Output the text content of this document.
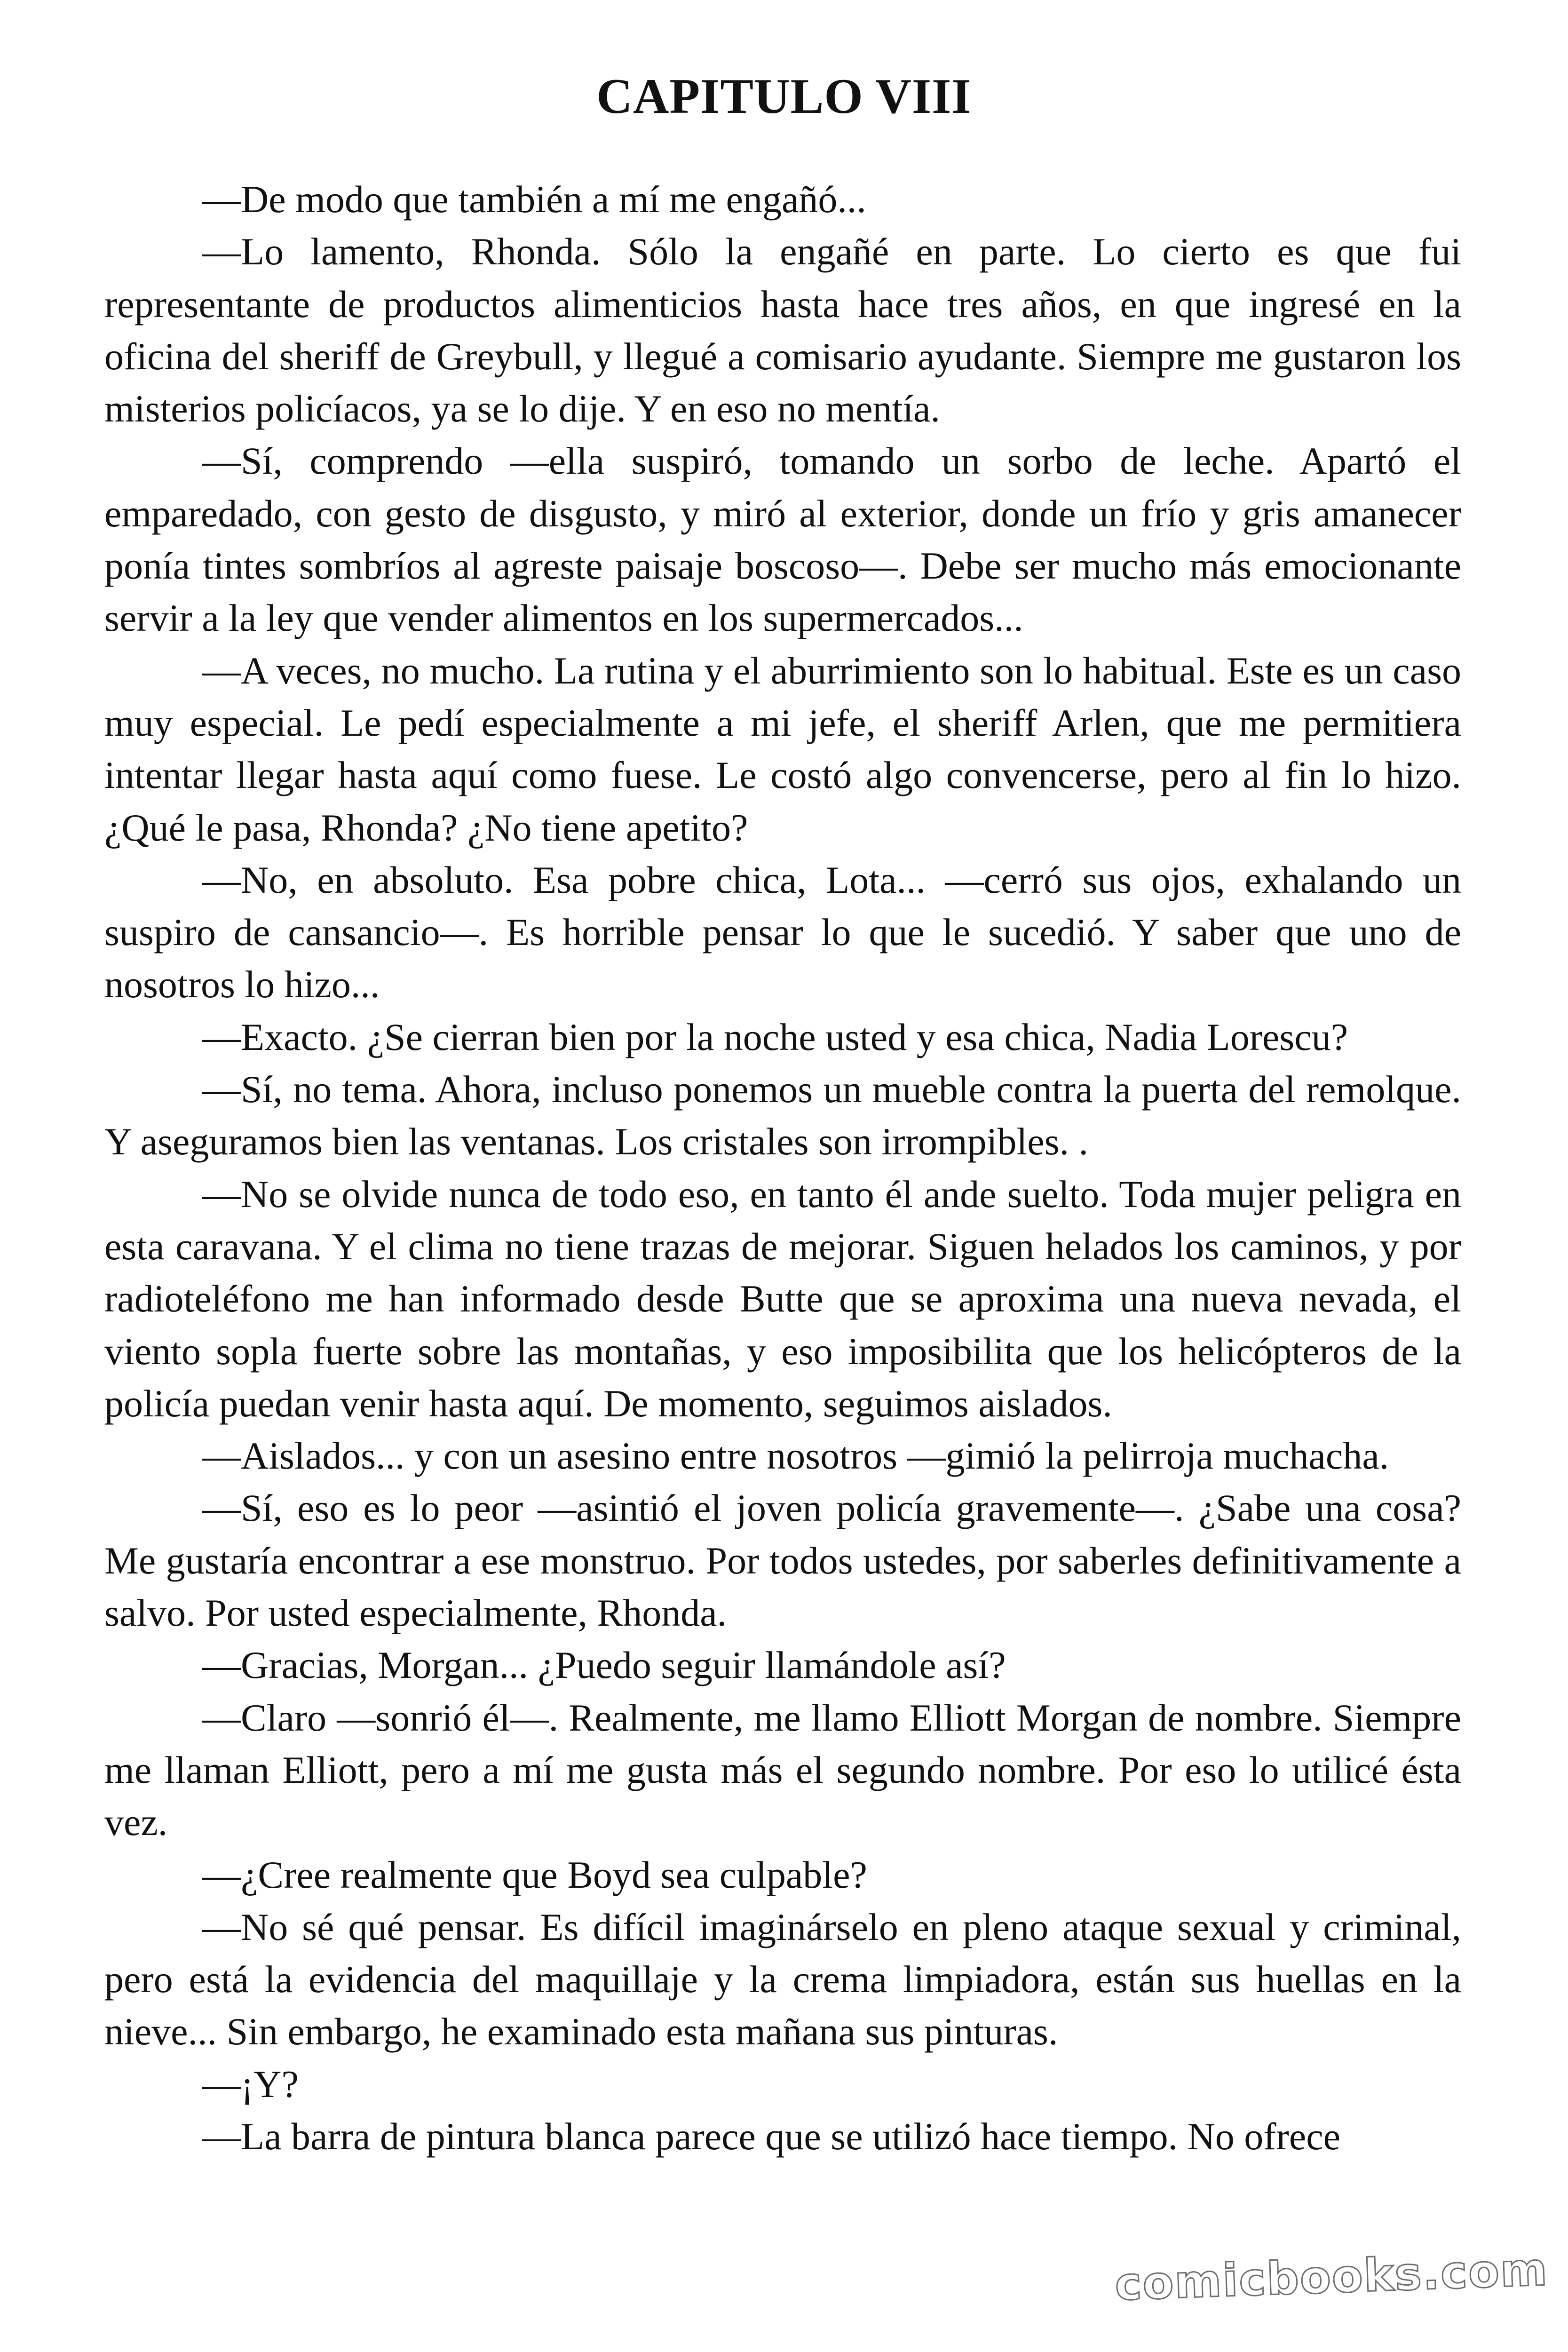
CAPITULO VIII

—De modo que también a mí me engañó...

—Lo lamento, Rhonda. Sólo la engañé en parte. Lo cierto es que fui representante de productos alimenticios hasta hace tres años, en que ingresé en la oficina del sheriff de Greybull, y llegué a comisario ayudante. Siempre me gustaron los misterios policíacos, ya se lo dije. Y en eso no mentía.

—Sí, comprendo —ella suspiró, tomando un sorbo de leche. Apartó el emparedado, con gesto de disgusto, y miró al exterior, donde un frío y gris amanecer ponía tintes sombríos al agreste paisaje boscoso—. Debe ser mucho más emocionante servir a la ley que vender alimentos en los supermercados...

—A veces, no mucho. La rutina y el aburrimiento son lo habitual. Este es un caso muy especial. Le pedí especialmente a mi jefe, el sheriff Arlen, que me permitiera intentar llegar hasta aquí como fuese. Le costó algo convencerse, pero al fin lo hizo. ¿Qué le pasa, Rhonda? ¿No tiene apetito?

—No, en absoluto. Esa pobre chica, Lota... —cerró sus ojos, exhalando un suspiro de cansancio—. Es horrible pensar lo que le sucedió. Y saber que uno de nosotros lo hizo...

—Exacto. ¿Se cierran bien por la noche usted y esa chica, Nadia Lorescu?

—Sí, no tema. Ahora, incluso ponemos un mueble contra la puerta del remolque. Y aseguramos bien las ventanas. Los cristales son irrompibles. .

—No se olvide nunca de todo eso, en tanto él ande suelto. Toda mujer peligra en esta caravana. Y el clima no tiene trazas de mejorar. Siguen helados los caminos, y por radioteléfono me han informado desde Butte que se aproxima una nueva nevada, el viento sopla fuerte sobre las montañas, y eso imposibilita que los helicópteros de la policía puedan venir hasta aquí. De momento, seguimos aislados.

—Aislados... y con un asesino entre nosotros —gimió la pelirroja muchacha.

—Sí, eso es lo peor —asintió el joven policía gravemente—. ¿Sabe una cosa? Me gustaría encontrar a ese monstruo. Por todos ustedes, por saberles definitivamente a salvo. Por usted especialmente, Rhonda.

—Gracias, Morgan... ¿Puedo seguir llamándole así?

—Claro —sonrió él—. Realmente, me llamo Elliott Morgan de nombre. Siempre me llaman Elliott, pero a mí me gusta más el segundo nombre. Por eso lo utilicé ésta vez.

—¿Cree realmente que Boyd sea culpable?

—No sé qué pensar. Es difícil imaginárselo en pleno ataque sexual y criminal, pero está la evidencia del maquillaje y la crema limpiadora, están sus huellas en la nieve... Sin embargo, he examinado esta mañana sus pinturas.

—¡Y?

—La barra de pintura blanca parece que se utilizó hace tiempo. No ofrece

comicbooks.com
